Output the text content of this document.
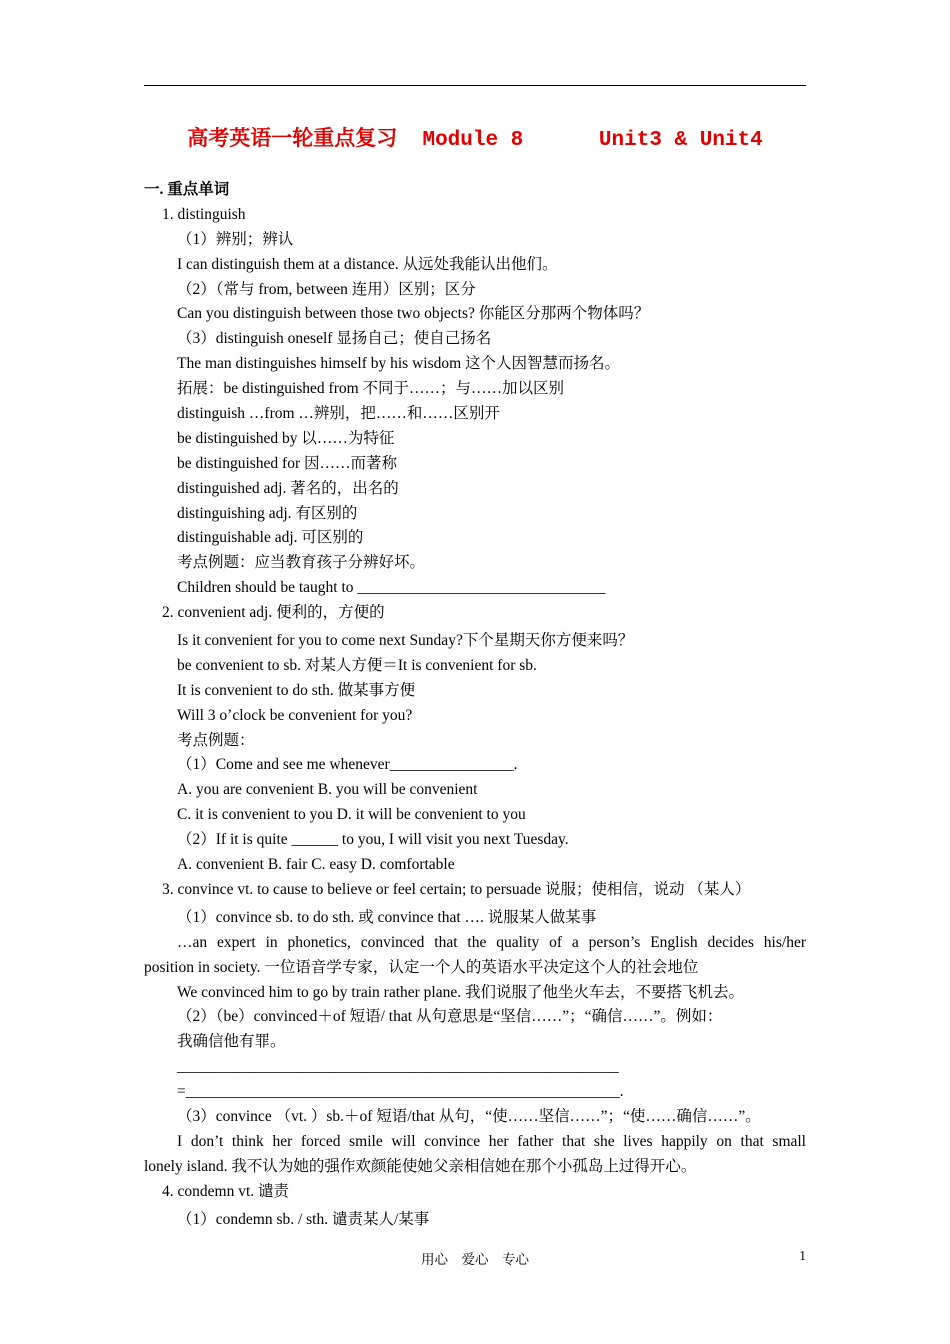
高考英语一轮重点复习  Module 8      Unit3 & Unit4
一. 重点单词
1. distinguish
（1）辨别；辨认
I can distinguish them at a distance. 从远处我能认出他们。
（2）（常与 from, between 连用）区别；区分
Can you distinguish between those two objects? 你能区分那两个物体吗？
（3）distinguish oneself 显扬自己；使自己扬名
The man distinguishes himself by his wisdom 这个人因智慧而扬名。
拓展：be distinguished from 不同于……；与……加以区别
distinguish …from …辨别，把……和……区别开
be distinguished by 以……为特征
be distinguished for 因……而著称
distinguished adj. 著名的，出名的
distinguishing adj. 有区别的
distinguishable adj. 可区别的
考点例题：应当教育孩子分辨好坏。
Children should be taught to ________________________________
2. convenient adj. 便利的，方便的
Is it convenient for you to come next Sunday?下个星期天你方便来吗？
be convenient to sb. 对某人方便＝It is convenient for sb.
It is convenient to do sth. 做某事方便
Will 3 o’clock be convenient for you?
考点例题：
（1）Come and see me whenever________________.
A. you are convenient B. you will be convenient
C. it is convenient to you D. it will be convenient to you
（2）If it is quite ______ to you, I will visit you next Tuesday.
A. convenient B. fair C. easy D. comfortable
3. convince vt. to cause to believe or feel certain; to persuade 说服；使相信，说动 （某人）
（1）convince sb. to do sth. 或 convince that …. 说服某人做某事
…an expert in phonetics, convinced that the quality of a person’s English decides his/her
position in society. 一位语音学专家，认定一个人的英语水平决定这个人的社会地位
We convinced him to go by train rather plane. 我们说服了他坐火车去，不要搭飞机去。
（2）（be）convinced＋of 短语/ that 从句意思是“坚信……”；“确信……”。例如：
我确信他有罪。
_________________________________________________________
=________________________________________________________.
（3）convince （vt. ）sb.＋of 短语/that 从句，“使……坚信……”；“使……确信……”。
I don’t think her forced smile will convince her father that she lives happily on that small
lonely island. 我不认为她的强作欢颜能使她父亲相信她在那个小孤岛上过得开心。
4. condemn vt. 谴责
（1）condemn sb. / sth. 谴责某人/某事
用心    爱心    专心	1
